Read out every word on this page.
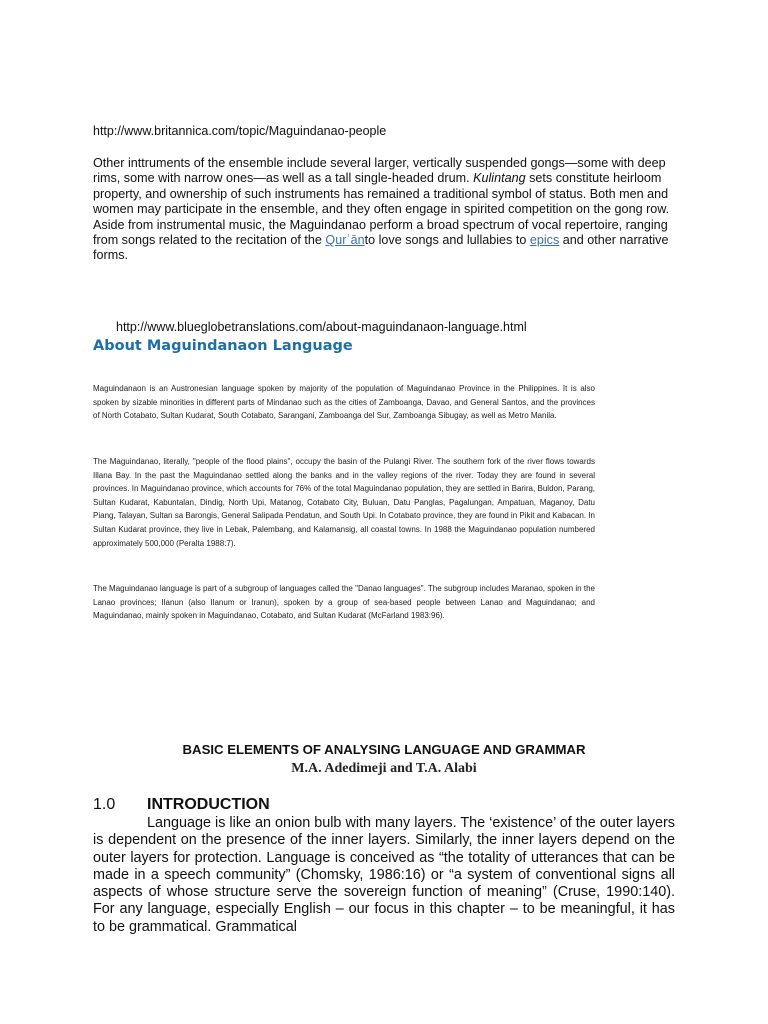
http://www.britannica.com/topic/Maguindanao-people
Other inttruments of the ensemble include several larger, vertically suspended gongs—some with deep rims, some with narrow ones—as well as a tall single-headed drum. Kulintang sets constitute heirloom property, and ownership of such instruments has remained a traditional symbol of status. Both men and women may participate in the ensemble, and they often engage in spirited competition on the gong row. Aside from instrumental music, the Maguindanao perform a broad spectrum of vocal repertoire, ranging from songs related to the recitation of the Qurʾānto love songs and lullabies to epics and other narrative forms.
http://www.blueglobetranslations.com/about-maguindanaon-language.html
About Maguindanaon Language
Maguindanaon is an Austronesian language spoken by majority of the population of Maguindanao Province in the Philippines. It is also spoken by sizable minorities in different parts of Mindanao such as the cities of Zamboanga, Davao, and General Santos, and the provinces of North Cotabato, Sultan Kudarat, South Cotabato, Sarangani, Zamboanga del Sur, Zamboanga Sibugay, as well as Metro Manila.
The Maguindanao, literally, "people of the flood plains", occupy the basin of the Pulangi River. The southern fork of the river flows towards Illana Bay. In the past the Maguindanao settled along the banks and in the valley regions of the river. Today they are found in several provinces. In Maguindanao province, which accounts for 76% of the total Maguindanao population, they are settled in Barira, Buldon, Parang, Sultan Kudarat, Kabuntalan, Dindig, North Upi, Matanog, Cotabato City, Buluan, Datu Panglas, Pagalungan, Ampatuan, Maganoy, Datu Piang, Talayan, Sultan sa Barongis, General Salipada Pendatun, and South Upi. In Cotabato province, they are found in Pikit and Kabacan. In Sultan Kudarat province, they live in Lebak, Palembang, and Kalamansig, all coastal towns. In 1988 the Maguindanao population numbered approximately 500,000 (Peralta 1988:7).
The Maguindanao language is part of a subgroup of languages called the "Danao languages". The subgroup includes Maranao, spoken in the Lanao provinces; Ilanun (also Ilanum or Iranun), spoken by a group of sea-based people between Lanao and Maguindanao; and Maguindanao, mainly spoken in Maguindanao, Cotabato, and Sultan Kudarat (McFarland 1983:96).
BASIC ELEMENTS OF ANALYSING LANGUAGE AND GRAMMAR
M.A. Adedimeji and T.A. Alabi
1.0 INTRODUCTION
Language is like an onion bulb with many layers. The ‘existence’ of the outer layers is dependent on the presence of the inner layers. Similarly, the inner layers depend on the outer layers for protection. Language is conceived as “the totality of utterances that can be made in a speech community” (Chomsky, 1986:16) or “a system of conventional signs all aspects of whose structure serve the sovereign function of meaning” (Cruse, 1990:140). For any language, especially English – our focus in this chapter – to be meaningful, it has to be grammatical. Grammatical
